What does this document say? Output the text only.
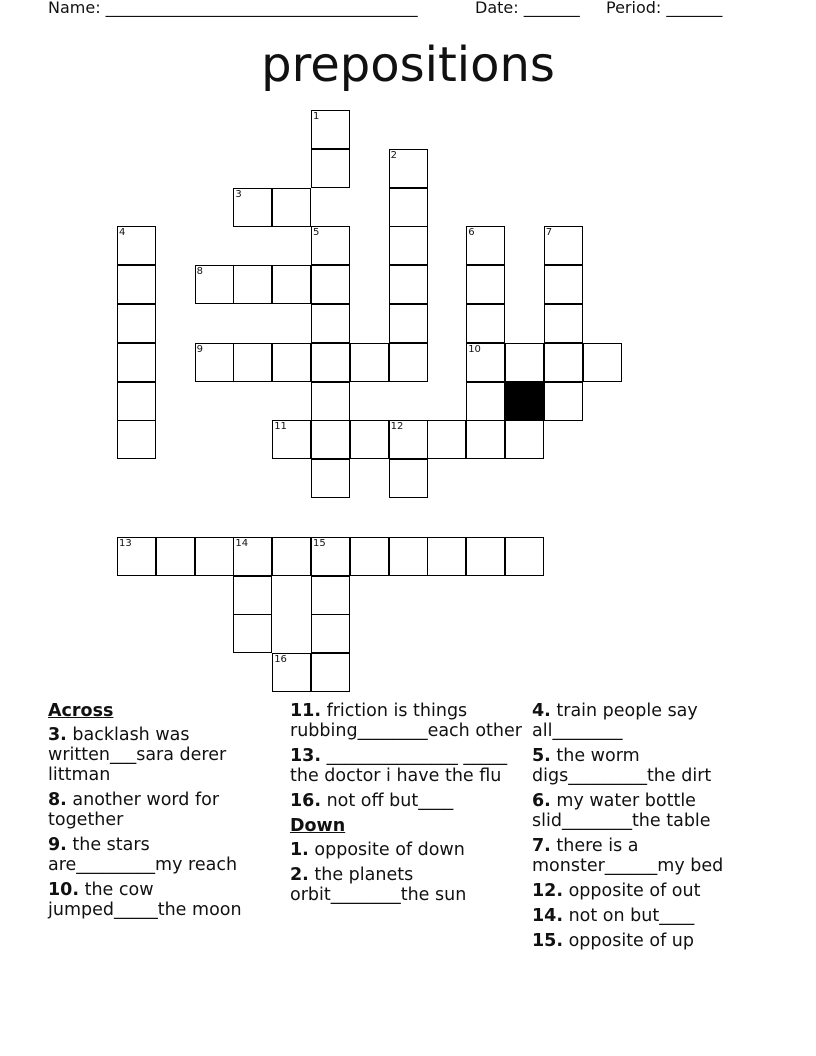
Name: _______________________________________	Date: _______ Period: _______
prepositions
1
2
3
4	5	6	7
8
9	10
11	12
13	14	15
16
Across
3. backlash was written___sara derer littman
8. another word for together
9. the stars are_________my reach
10. the cow jumped_____the moon
11. friction is things rubbing________each other
13. _______________ _____ the doctor i have the flu
16. not off but____
Down
1. opposite of down
2. the planets orbit________the sun
4. train people say all________
5. the worm digs_________the dirt
6. my water bottle slid________the table
7. there is a monster______my bed
12. opposite of out
14. not on but____
15. opposite of up
